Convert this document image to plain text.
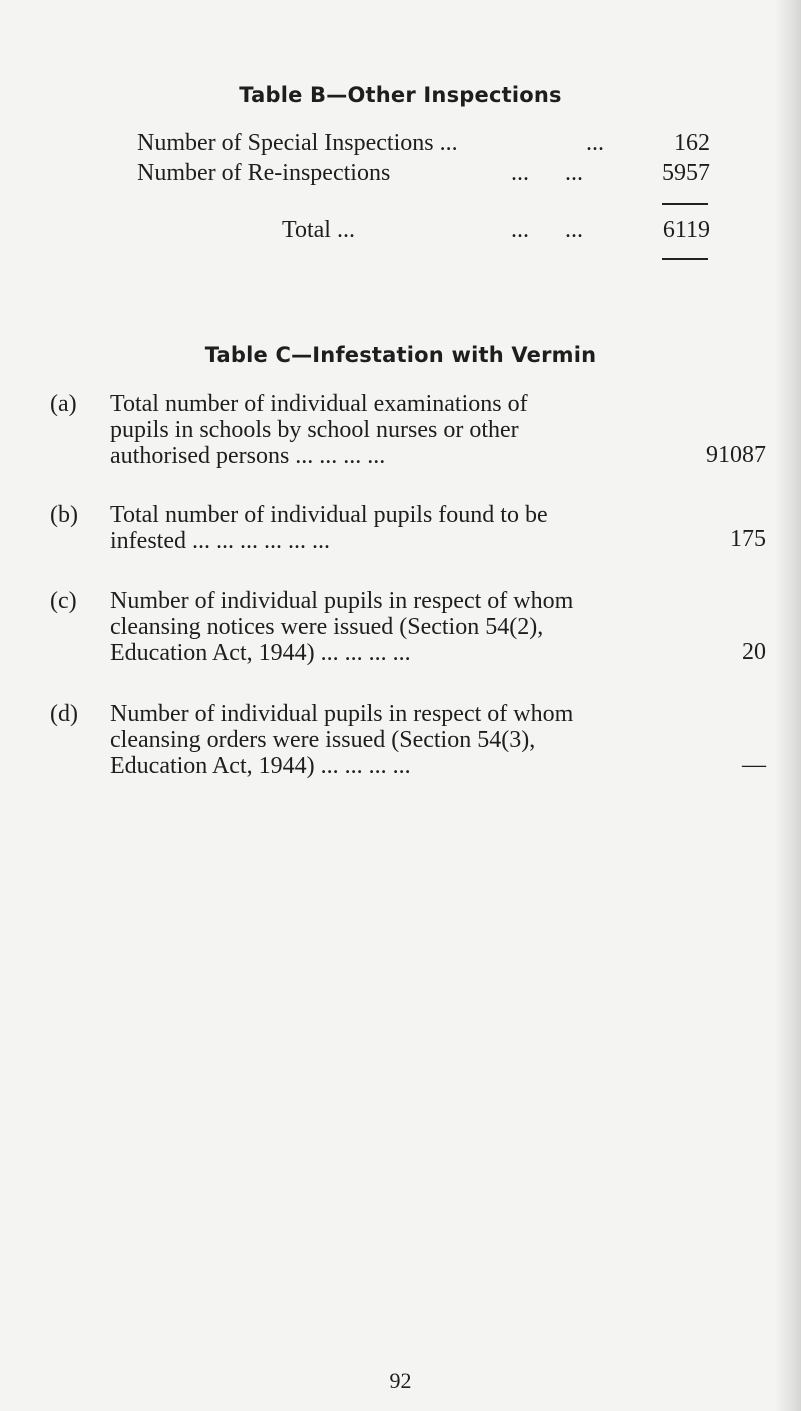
Table B—Other Inspections
Number of Special Inspections ...	...	162
Number of Re-inspections	...      ...	5957
Total ...	...      ...	6119
Table C—Infestation with Vermin
(a) Total number of individual examinations of
pupils in schools by school nurses or other
authorised persons ... ... ... ...	91087
(b) Total number of individual pupils found to be
infested ... ... ... ... ... ...	175
(c) Number of individual pupils in respect of whom
cleansing notices were issued (Section 54(2),
Education Act, 1944) ... ... ... ...	20
(d) Number of individual pupils in respect of whom
cleansing orders were issued (Section 54(3),
Education Act, 1944) ... ... ... ...	—
92
